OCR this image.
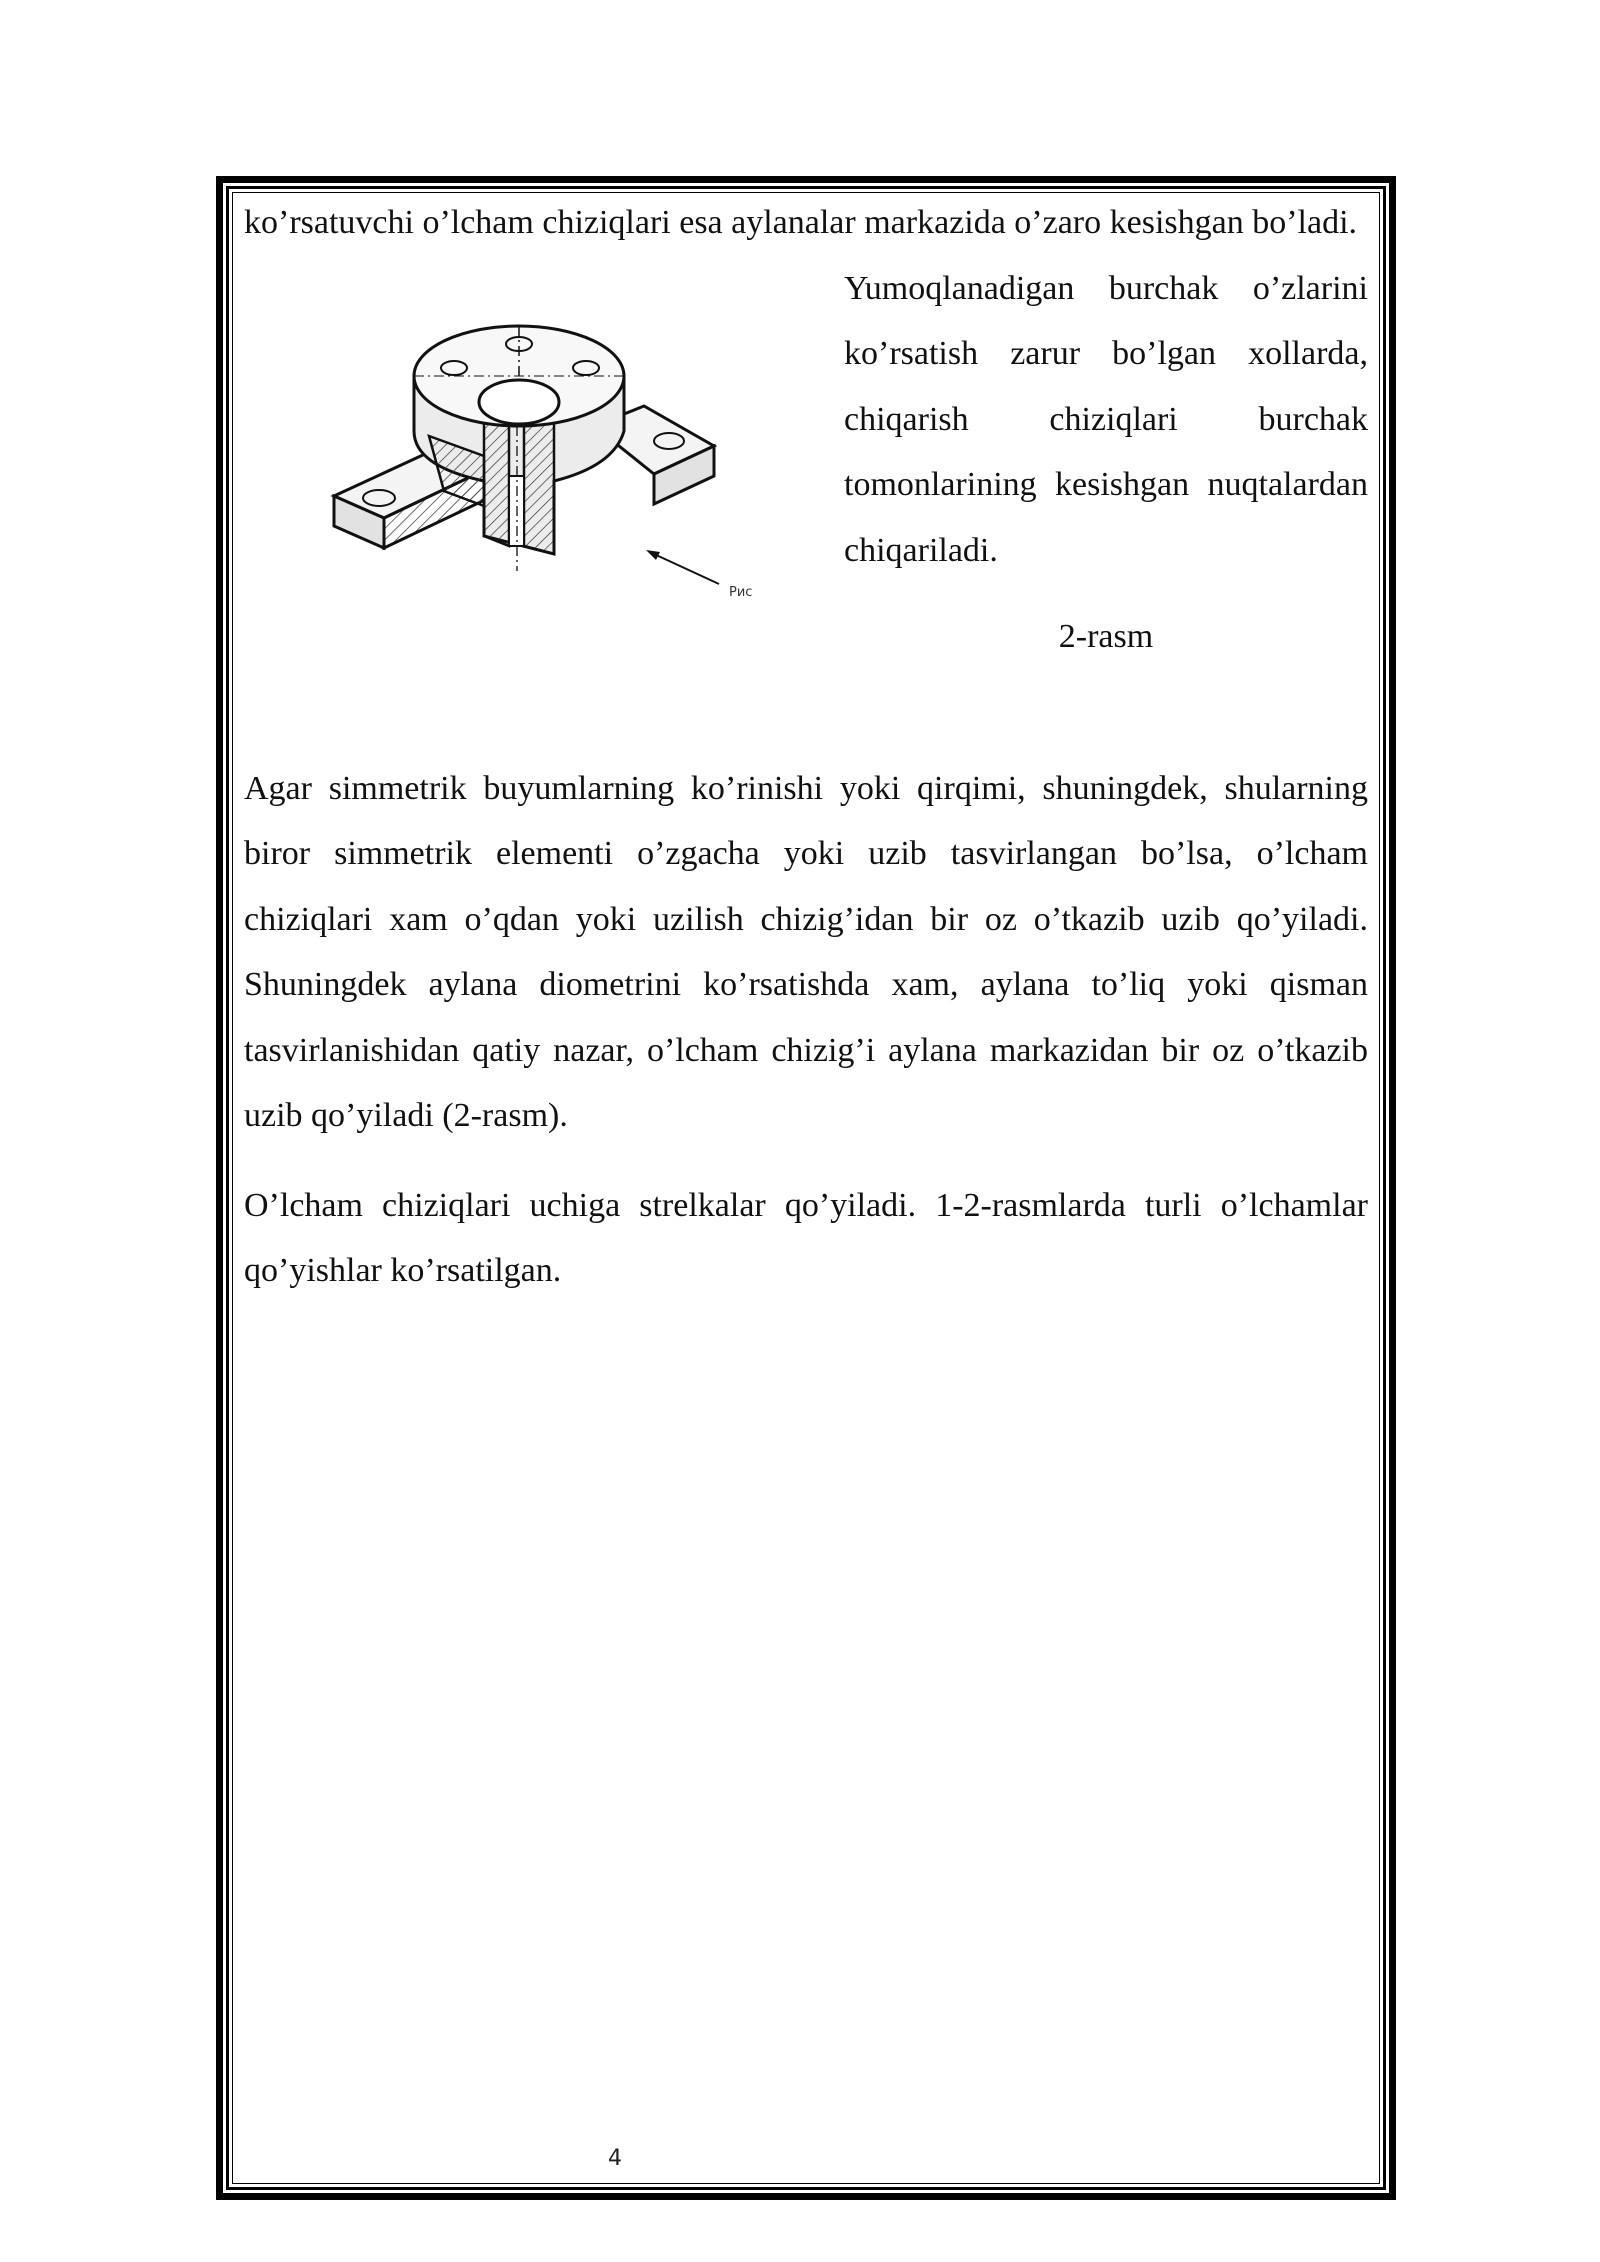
ko’rsatuvchi o’lcham chiziqlari esa aylanalar markazida o’zaro kesishgan bo’ladi.

Рис
Yumoqlanadigan burchak o’zlarini ko’rsatish zarur bo’lgan xollarda, chiqarish chiziqlari burchak tomonlarining kesishgan nuqtalardan chiqariladi.
2-rasm

Agar simmetrik buyumlarning ko’rinishi yoki qirqimi, shuningdek, shularning biror simmetrik elementi o’zgacha yoki uzib tasvirlangan bo’lsa, o’lcham chiziqlari xam o’qdan yoki uzilish chizig’idan bir oz o’tkazib uzib qo’yiladi. Shuningdek aylana diometrini ko’rsatishda xam, aylana to’liq yoki qisman tasvirlanishidan qatiy nazar, o’lcham chizig’i aylana markazidan bir oz o’tkazib uzib qo’yiladi (2-rasm).

O’lcham chiziqlari uchiga strelkalar qo’yiladi. 1-2-rasmlarda turli o’lchamlar qo’yishlar ko’rsatilgan.

4
